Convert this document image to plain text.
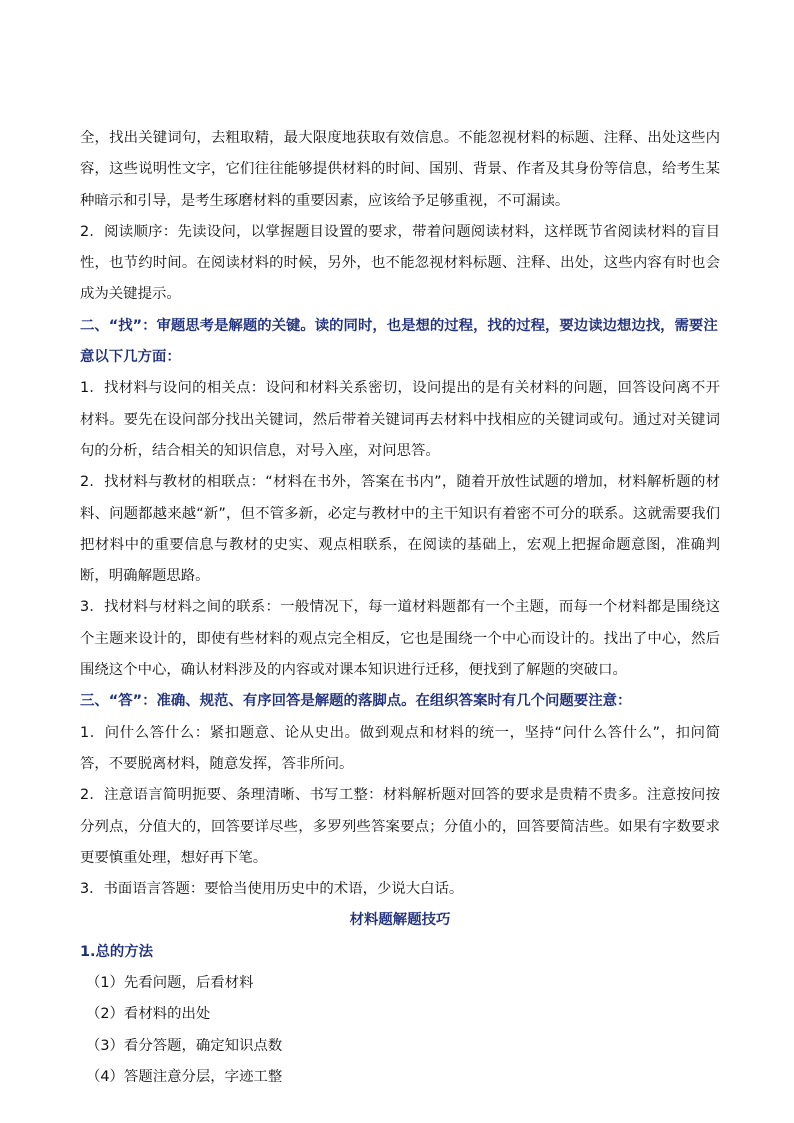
全，找出关键词句，去粗取精，最大限度地获取有效信息。不能忽视材料的标题、注释、出处这些内容，这些说明性文字，它们往往能够提供材料的时间、国别、背景、作者及其身份等信息，给考生某种暗示和引导，是考生琢磨材料的重要因素，应该给予足够重视，不可漏读。

2．阅读顺序：先读设问，以掌握题目设置的要求，带着问题阅读材料，这样既节省阅读材料的盲目性，也节约时间。在阅读材料的时候，另外，也不能忽视材料标题、注释、出处，这些内容有时也会成为关键提示。

二、“找”：审题思考是解题的关键。读的同时，也是想的过程，找的过程，要边读边想边找，需要注意以下几方面：

1．找材料与设问的相关点：设问和材料关系密切，设问提出的是有关材料的问题，回答设问离不开材料。要先在设问部分找出关键词，然后带着关键词再去材料中找相应的关键词或句。通过对关键词句的分析，结合相关的知识信息，对号入座，对问思答。

2．找材料与教材的相联点：“材料在书外，答案在书内”，随着开放性试题的增加，材料解析题的材料、问题都越来越“新”，但不管多新，必定与教材中的主干知识有着密不可分的联系。这就需要我们把材料中的重要信息与教材的史实、观点相联系，在阅读的基础上，宏观上把握命题意图，准确判断，明确解题思路。

3．找材料与材料之间的联系：一般情况下，每一道材料题都有一个主题，而每一个材料都是围绕这个主题来设计的，即使有些材料的观点完全相反，它也是围绕一个中心而设计的。找出了中心，然后围绕这个中心，确认材料涉及的内容或对课本知识进行迁移，便找到了解题的突破口。

三、“答”：准确、规范、有序回答是解题的落脚点。在组织答案时有几个问题要注意：

1．问什么答什么：紧扣题意、论从史出。做到观点和材料的统一，坚持“问什么答什么”，扣问简答，不要脱离材料，随意发挥，答非所问。

2．注意语言简明扼要、条理清晰、书写工整：材料解析题对回答的要求是贵精不贵多。注意按问按分列点，分值大的，回答要详尽些，多罗列些答案要点；分值小的，回答要简洁些。如果有字数要求更要慎重处理，想好再下笔。

3．书面语言答题：要恰当使用历史中的术语，少说大白话。

材料题解题技巧

1.总的方法

（1）先看问题，后看材料

（2）看材料的出处

（3）看分答题，确定知识点数

（4）答题注意分层，字迹工整
